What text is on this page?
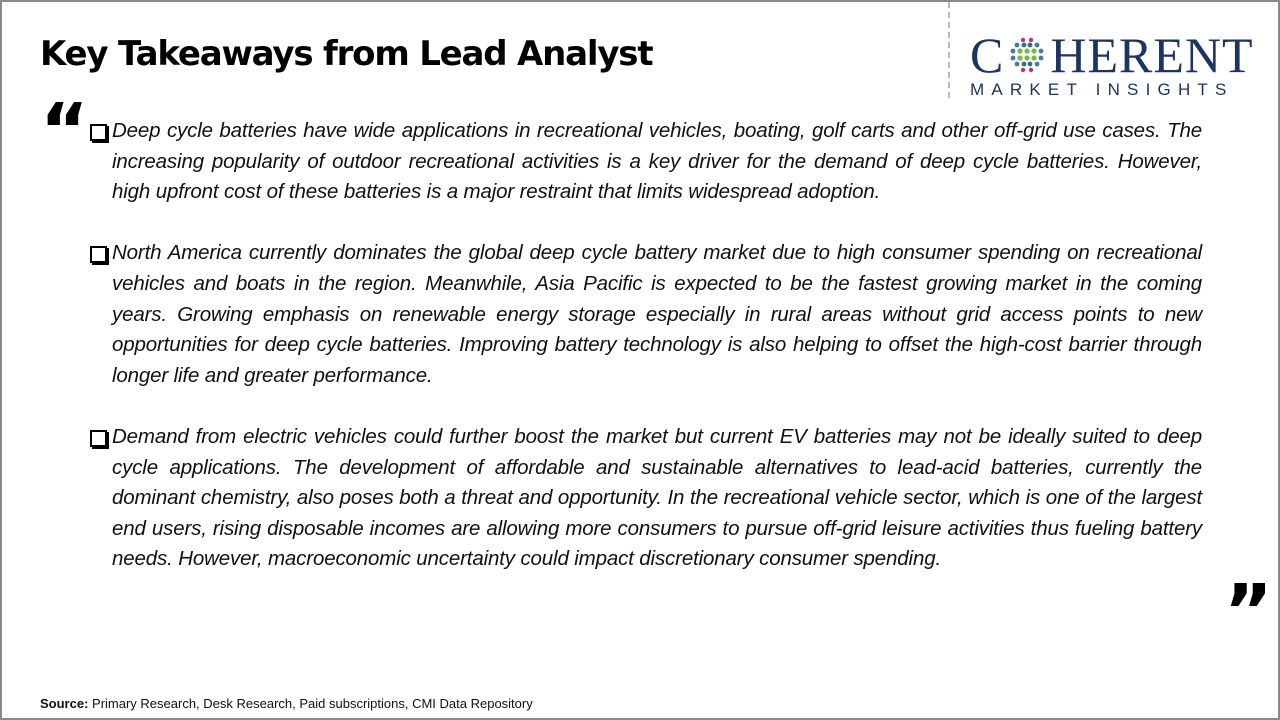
Key Takeaways from Lead Analyst	C HERENT
MARKET INSIGHTS
“
”
Deep cycle batteries have wide applications in recreational vehicles, boating, golf carts and other off-grid use cases. The increasing popularity of outdoor recreational activities is a key driver for the demand of deep cycle batteries. However, high upfront cost of these batteries is a major restraint that limits widespread adoption.
North America currently dominates the global deep cycle battery market due to high consumer spending on recreational vehicles and boats in the region. Meanwhile, Asia Pacific is expected to be the fastest growing market in the coming years. Growing emphasis on renewable energy storage especially in rural areas without grid access points to new opportunities for deep cycle batteries. Improving battery technology is also helping to offset the high-cost barrier through longer life and greater performance.
Demand from electric vehicles could further boost the market but current EV batteries may not be ideally suited to deep cycle applications. The development of affordable and sustainable alternatives to lead-acid batteries, currently the dominant chemistry, also poses both a threat and opportunity. In the recreational vehicle sector, which is one of the largest end users, rising disposable incomes are allowing more consumers to pursue off-grid leisure activities thus fueling battery needs. However, macroeconomic uncertainty could impact discretionary consumer spending.
Source: Primary Research, Desk Research, Paid subscriptions, CMI Data Repository
